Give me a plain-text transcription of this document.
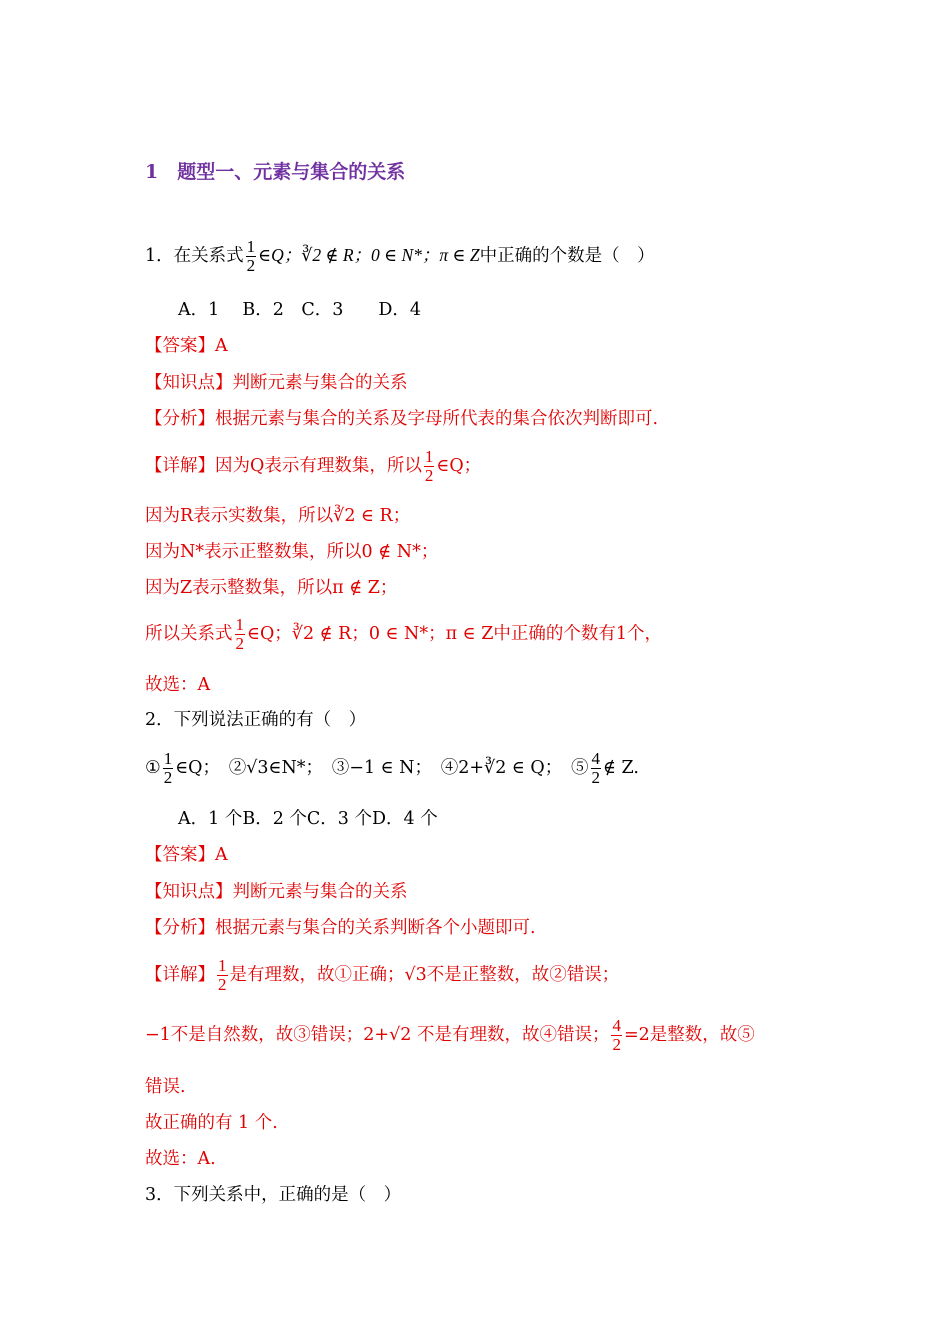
1　题型一、元素与集合的关系
1．在关系式 $\frac{1}{2}$ ∈Q；∛2 ∉ R；0 ∈ N*；π ∈ Z中正确的个数是（　）
A．1　 B．2　C．3　　D．4
【答案】A
【知识点】判断元素与集合的关系
【分析】根据元素与集合的关系及字母所代表的集合依次判断即可.
【详解】因为Q表示有理数集，所以 $\frac{1}{2}$ ∈Q；
因为R表示实数集，所以∛2 ∈ R；
因为N*表示正整数集，所以0 ∉ N*；
因为Z表示整数集，所以π ∉ Z；
所以关系式 $\frac{1}{2}$ ∈Q；∛2 ∉ R；0 ∈ N*；π ∈ Z中正确的个数有1个，
故选：A
2．下列说法正确的有（　）
① $\frac{1}{2}$ ∈Q；　②√3∈N*；　③−1 ∈ N；　④2+∛2 ∈ Q；　⑤ $\frac{4}{2}$ ∉ Z.
A．1 个B．2 个C．3 个D．4 个
【答案】A
【知识点】判断元素与集合的关系
【分析】根据元素与集合的关系判断各个小题即可.
【详解】 $\frac{1}{2}$ 是有理数，故①正确；√3不是正整数，故②错误；
−1不是自然数，故③错误；2+√2 不是有理数，故④错误； $\frac{4}{2} =2$是整数，故⑤
错误.
故正确的有 1 个.
故选：A.
3．下列关系中，正确的是（　）
